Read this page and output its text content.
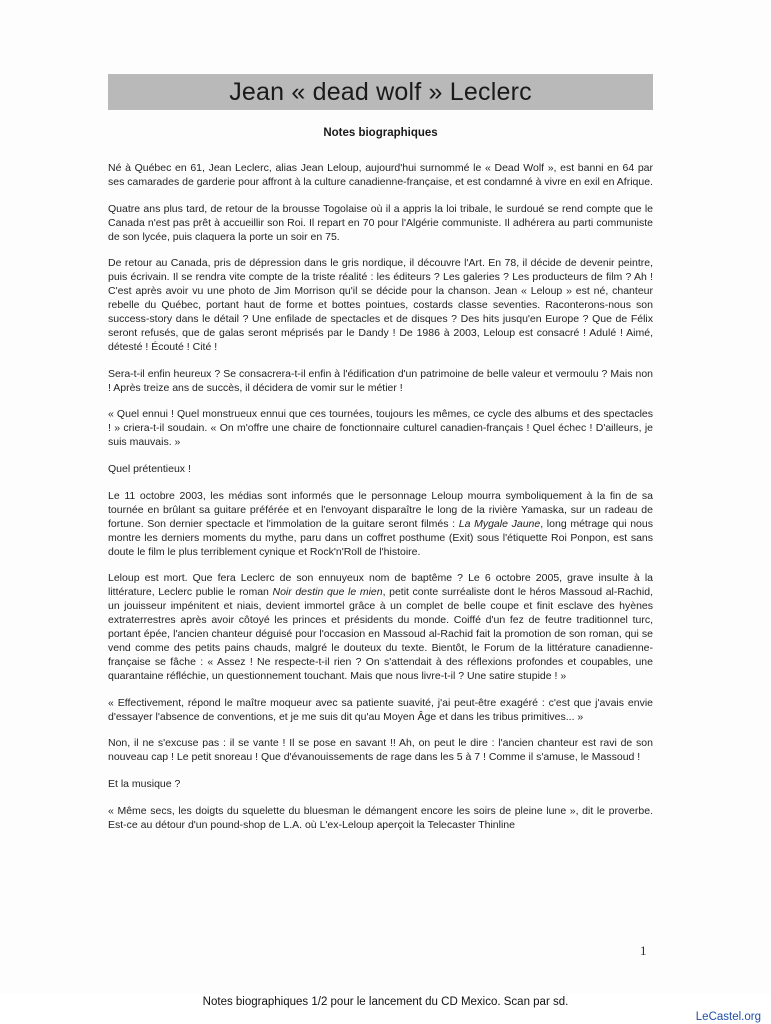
Jean « dead wolf » Leclerc
Notes biographiques

Né à Québec en 61, Jean Leclerc, alias Jean Leloup, aujourd'hui surnommé le « Dead Wolf », est banni en 64 par ses camarades de garderie pour affront à la culture canadienne-française, et est condamné à vivre en exil en Afrique.

Quatre ans plus tard, de retour de la brousse Togolaise où il a appris la loi tribale, le surdoué se rend compte que le Canada n'est pas prêt à accueillir son Roi. Il repart en 70 pour l'Algérie communiste. Il adhérera au parti communiste de son lycée, puis claquera la porte un soir en 75.

De retour au Canada, pris de dépression dans le gris nordique, il découvre l'Art. En 78, il décide de devenir peintre, puis écrivain. Il se rendra vite compte de la triste réalité : les éditeurs ? Les galeries ? Les producteurs de film ? Ah ! C'est après avoir vu une photo de Jim Morrison qu'il se décide pour la chanson. Jean « Leloup » est né, chanteur rebelle du Québec, portant haut de forme et bottes pointues, costards classe seventies. Raconterons-nous son success-story dans le détail ? Une enfilade de spectacles et de disques ? Des hits jusqu'en Europe ? Que de Félix seront refusés, que de galas seront méprisés par le Dandy ! De 1986 à 2003, Leloup est consacré ! Adulé ! Aimé, détesté ! Écouté ! Cité !

Sera-t-il enfin heureux ? Se consacrera-t-il enfin à l'édification d'un patrimoine de belle valeur et vermoulu ? Mais non ! Après treize ans de succès, il décidera de vomir sur le métier !

« Quel ennui ! Quel monstrueux ennui que ces tournées, toujours les mêmes, ce cycle des albums et des spectacles ! » criera-t-il soudain. « On m'offre une chaire de fonctionnaire culturel canadien-français ! Quel échec ! D'ailleurs, je suis mauvais. »

Quel prétentieux !

Le 11 octobre 2003, les médias sont informés que le personnage Leloup mourra symboliquement à la fin de sa tournée en brûlant sa guitare préférée et en l'envoyant disparaître le long de la rivière Yamaska, sur un radeau de fortune. Son dernier spectacle et l'immolation de la guitare seront filmés : La Mygale Jaune, long métrage qui nous montre les derniers moments du mythe, paru dans un coffret posthume (Exit) sous l'étiquette Roi Ponpon, est sans doute le film le plus terriblement cynique et Rock'n'Roll de l'histoire.

Leloup est mort. Que fera Leclerc de son ennuyeux nom de baptême ? Le 6 octobre 2005, grave insulte à la littérature, Leclerc publie le roman Noir destin que le mien, petit conte surréaliste dont le héros Massoud al-Rachid, un jouisseur impénitent et niais, devient immortel grâce à un complet de belle coupe et finit esclave des hyènes extraterrestres après avoir côtoyé les princes et présidents du monde. Coiffé d'un fez de feutre traditionnel turc, portant épée, l'ancien chanteur déguisé pour l'occasion en Massoud al-Rachid fait la promotion de son roman, qui se vend comme des petits pains chauds, malgré le douteux du texte. Bientôt, le Forum de la littérature canadienne-française se fâche : « Assez ! Ne respecte-t-il rien ? On s'attendait à des réflexions profondes et coupables, une quarantaine réfléchie, un questionnement touchant. Mais que nous livre-t-il ? Une satire stupide ! »

« Effectivement, répond le maître moqueur avec sa patiente suavité, j'ai peut-être exagéré : c'est que j'avais envie d'essayer l'absence de conventions, et je me suis dit qu'au Moyen Âge et dans les tribus primitives... »

Non, il ne s'excuse pas : il se vante ! Il se pose en savant !! Ah, on peut le dire : l'ancien chanteur est ravi de son nouveau cap ! Le petit snoreau ! Que d'évanouissements de rage dans les 5 à 7 ! Comme il s'amuse, le Massoud !

Et la musique ?

« Même secs, les doigts du squelette du bluesman le démangent encore les soirs de pleine lune », dit le proverbe. Est-ce au détour d'un pound-shop de L.A. où L'ex-Leloup aperçoit la Telecaster Thinline

1
Notes biographiques 1/2 pour le lancement du CD Mexico. Scan par sd.
LeCastel.org
